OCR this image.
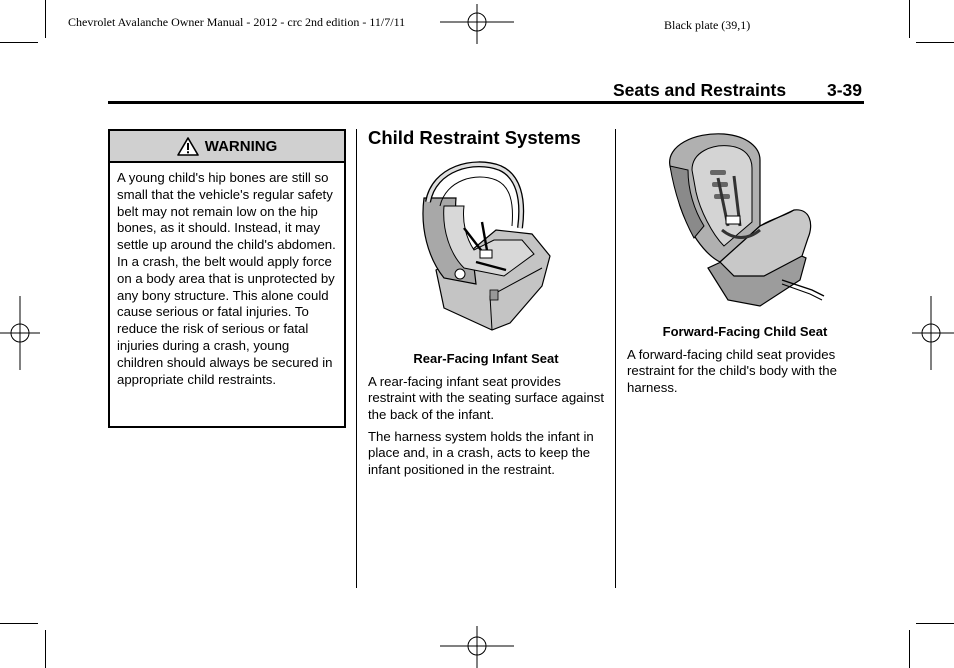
Chevrolet Avalanche Owner Manual - 2012 - crc 2nd edition - 11/7/11	Black plate (39,1)
Seats and Restraints 3-39
WARNING
A young child's hip bones are still so small that the vehicle's regular safety belt may not remain low on the hip bones, as it should. Instead, it may settle up around the child's abdomen. In a crash, the belt would apply force on a body area that is unprotected by any bony structure. This alone could cause serious or fatal injuries. To reduce the risk of serious or fatal injuries during a crash, young children should always be secured in appropriate child restraints.
Child Restraint Systems
Rear-Facing Infant Seat
A rear-facing infant seat provides restraint with the seating surface against the back of the infant.
The harness system holds the infant in place and, in a crash, acts to keep the infant positioned in the restraint.
Forward-Facing Child Seat
A forward-facing child seat provides restraint for the child's body with the harness.
